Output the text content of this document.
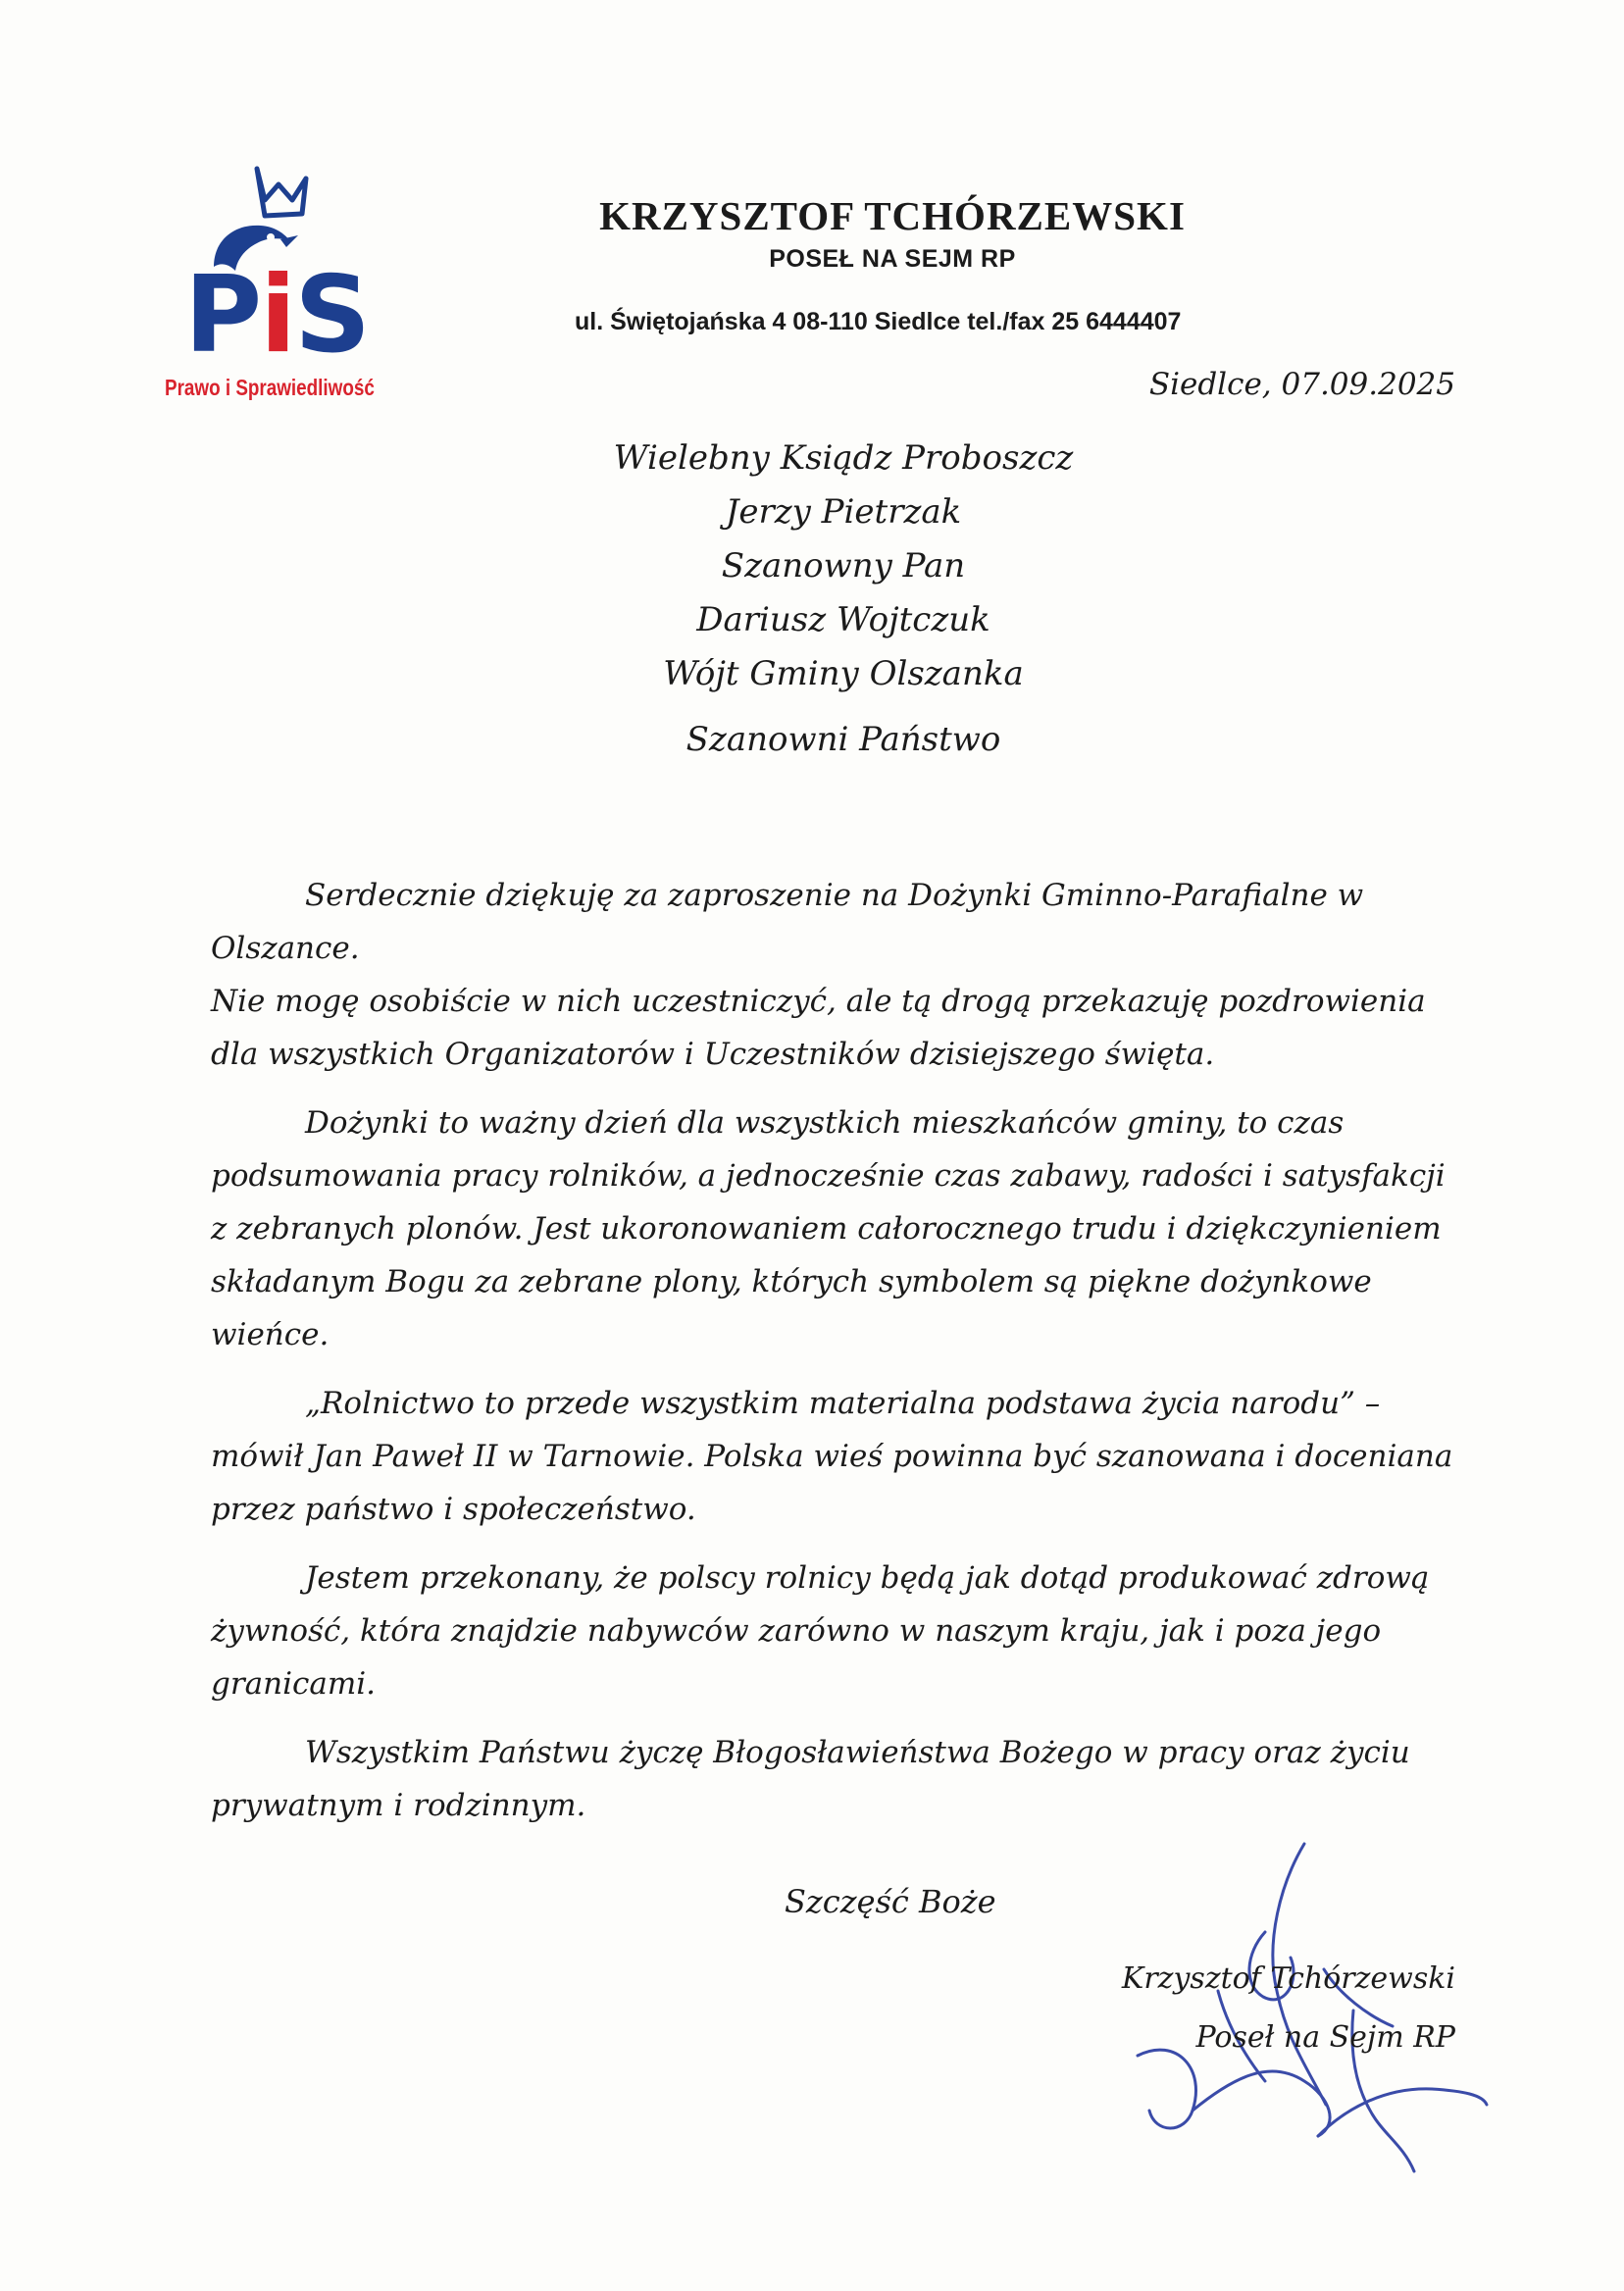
PiS
Prawo i Sprawiedliwość
KRZYSZTOF TCHÓRZEWSKI
POSEŁ NA SEJM RP
ul. Świętojańska 4 08-110 Siedlce tel./fax 25 6444407
Siedlce, 07.09.2025
Wielebny Ksiądz Proboszcz
Jerzy Pietrzak
Szanowny Pan
Dariusz Wojtczuk
Wójt Gminy Olszanka
Szanowni Państwo

Serdecznie dziękuję za zaproszenie na Dożynki Gminno-Parafialne w Olszance.

Nie mogę osobiście w nich uczestniczyć, ale tą drogą przekazuję pozdrowienia dla wszystkich Organizatorów i Uczestników dzisiejszego święta.

Dożynki to ważny dzień dla wszystkich mieszkańców gminy, to czas podsumowania pracy rolników, a jednocześnie czas zabawy, radości i satysfakcji z zebranych plonów. Jest ukoronowaniem całorocznego trudu i dziękczynieniem składanym Bogu za zebrane plony, których symbolem są piękne dożynkowe wieńce.

„Rolnictwo to przede wszystkim materialna podstawa życia narodu” – mówił Jan Paweł II w Tarnowie. Polska wieś powinna być szanowana i doceniana przez państwo i społeczeństwo.

Jestem przekonany, że polscy rolnicy będą jak dotąd produkować zdrową żywność, która znajdzie nabywców zarówno w naszym kraju, jak i poza jego granicami.

Wszystkim Państwu życzę Błogosławieństwa Bożego w pracy oraz życiu prywatnym i rodzinnym.

Szczęść Boże
Krzysztof Tchórzewski
Poseł na Sejm RP
